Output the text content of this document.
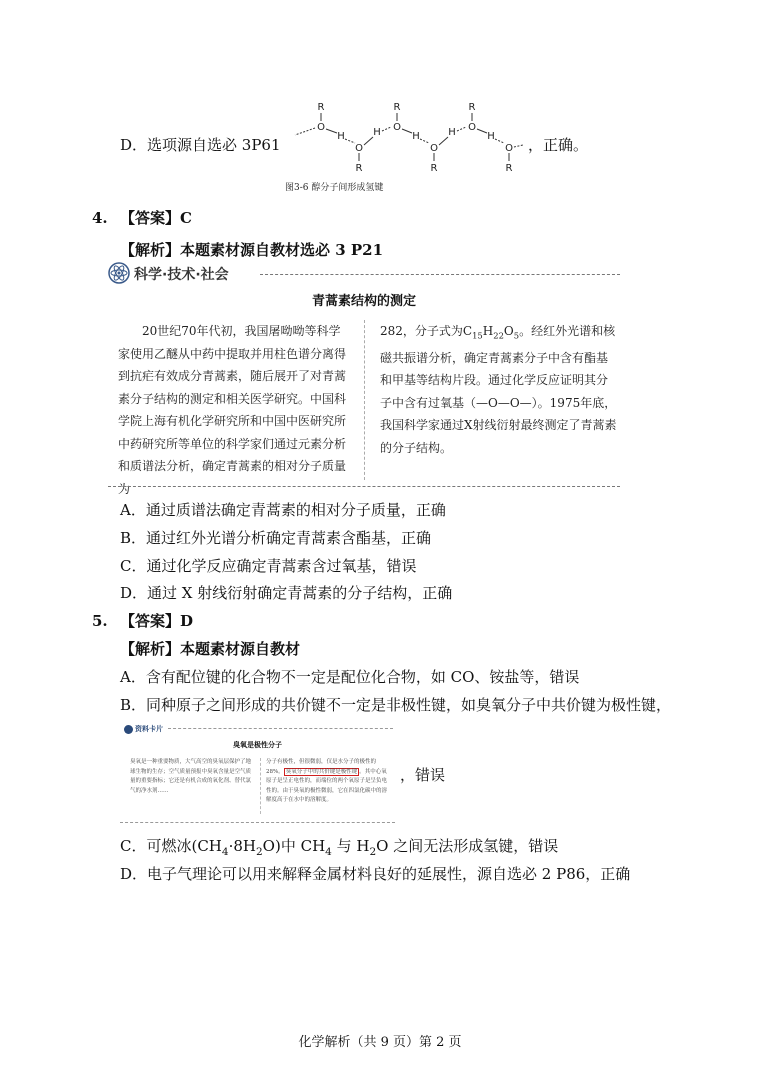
D．选项源自选必 3P61
R
O
H
O
R
H
R
O
H
O
R
H
R
O
H
O
R
，正确。
图3-6 醇分子间形成氢键
4. 【答案】C
【解析】本题素材源自教材选必 3 P21
科学·技术·社会
青蒿素结构的测定
20世纪70年代初，我国屠呦呦等科学家使用乙醚从中药中提取并用柱色谱分离得到抗疟有效成分青蒿素，随后展开了对青蒿素分子结构的测定和相关医学研究。中国科学院上海有机化学研究所和中国中医研究所中药研究所等单位的科学家们通过元素分析和质谱法分析，确定青蒿素的相对分子质量为
282，分子式为$C_{15}H_{22}O_5$。经红外光谱和核磁共振谱分析，确定青蒿素分子中含有酯基和甲基等结构片段。通过化学反应证明其分子中含有过氧基（—O—O—）。1975年底，我国科学家通过X射线衍射最终测定了青蒿素的分子结构。
A．通过质谱法确定青蒿素的相对分子质量，正确
B．通过红外光谱分析确定青蒿素含酯基，正确
C．通过化学反应确定青蒿素含过氧基，错误
D．通过 X 射线衍射确定青蒿素的分子结构，正确
5. 【答案】D
【解析】本题素材源自教材
A．含有配位键的化合物不一定是配位化合物，如 CO、铵盐等，错误
B．同种原子之间形成的共价键不一定是非极性键，如臭氧分子中共价键为极性键，
资料卡片
臭氧是极性分子
臭氧是一种重要物质，大气高空的臭氧层保护了地球生物的生存；空气质量预报中臭氧含量是空气质量的重要指标；它还是有机合成的氧化剂、替代氯气的净水剂……
分子有极性，但很微弱，仅是水分子的极性的28%。 臭氧分子中的共价键是极性键 。其中心氧原子是呈正电性的，而端位的两个氧原子是呈负电性的。由于臭氧的极性微弱，它在四氯化碳中的溶解度高于在水中的溶解度。
，错误
C．可燃冰$(CH_4\cdot 8H_2O)$中 $CH_4$ 与 $H_2O$ 之间无法形成氢键，错误
D．电子气理论可以用来解释金属材料良好的延展性，源自选必 2 P86，正确
化学解析（共 9 页）第 2 页
